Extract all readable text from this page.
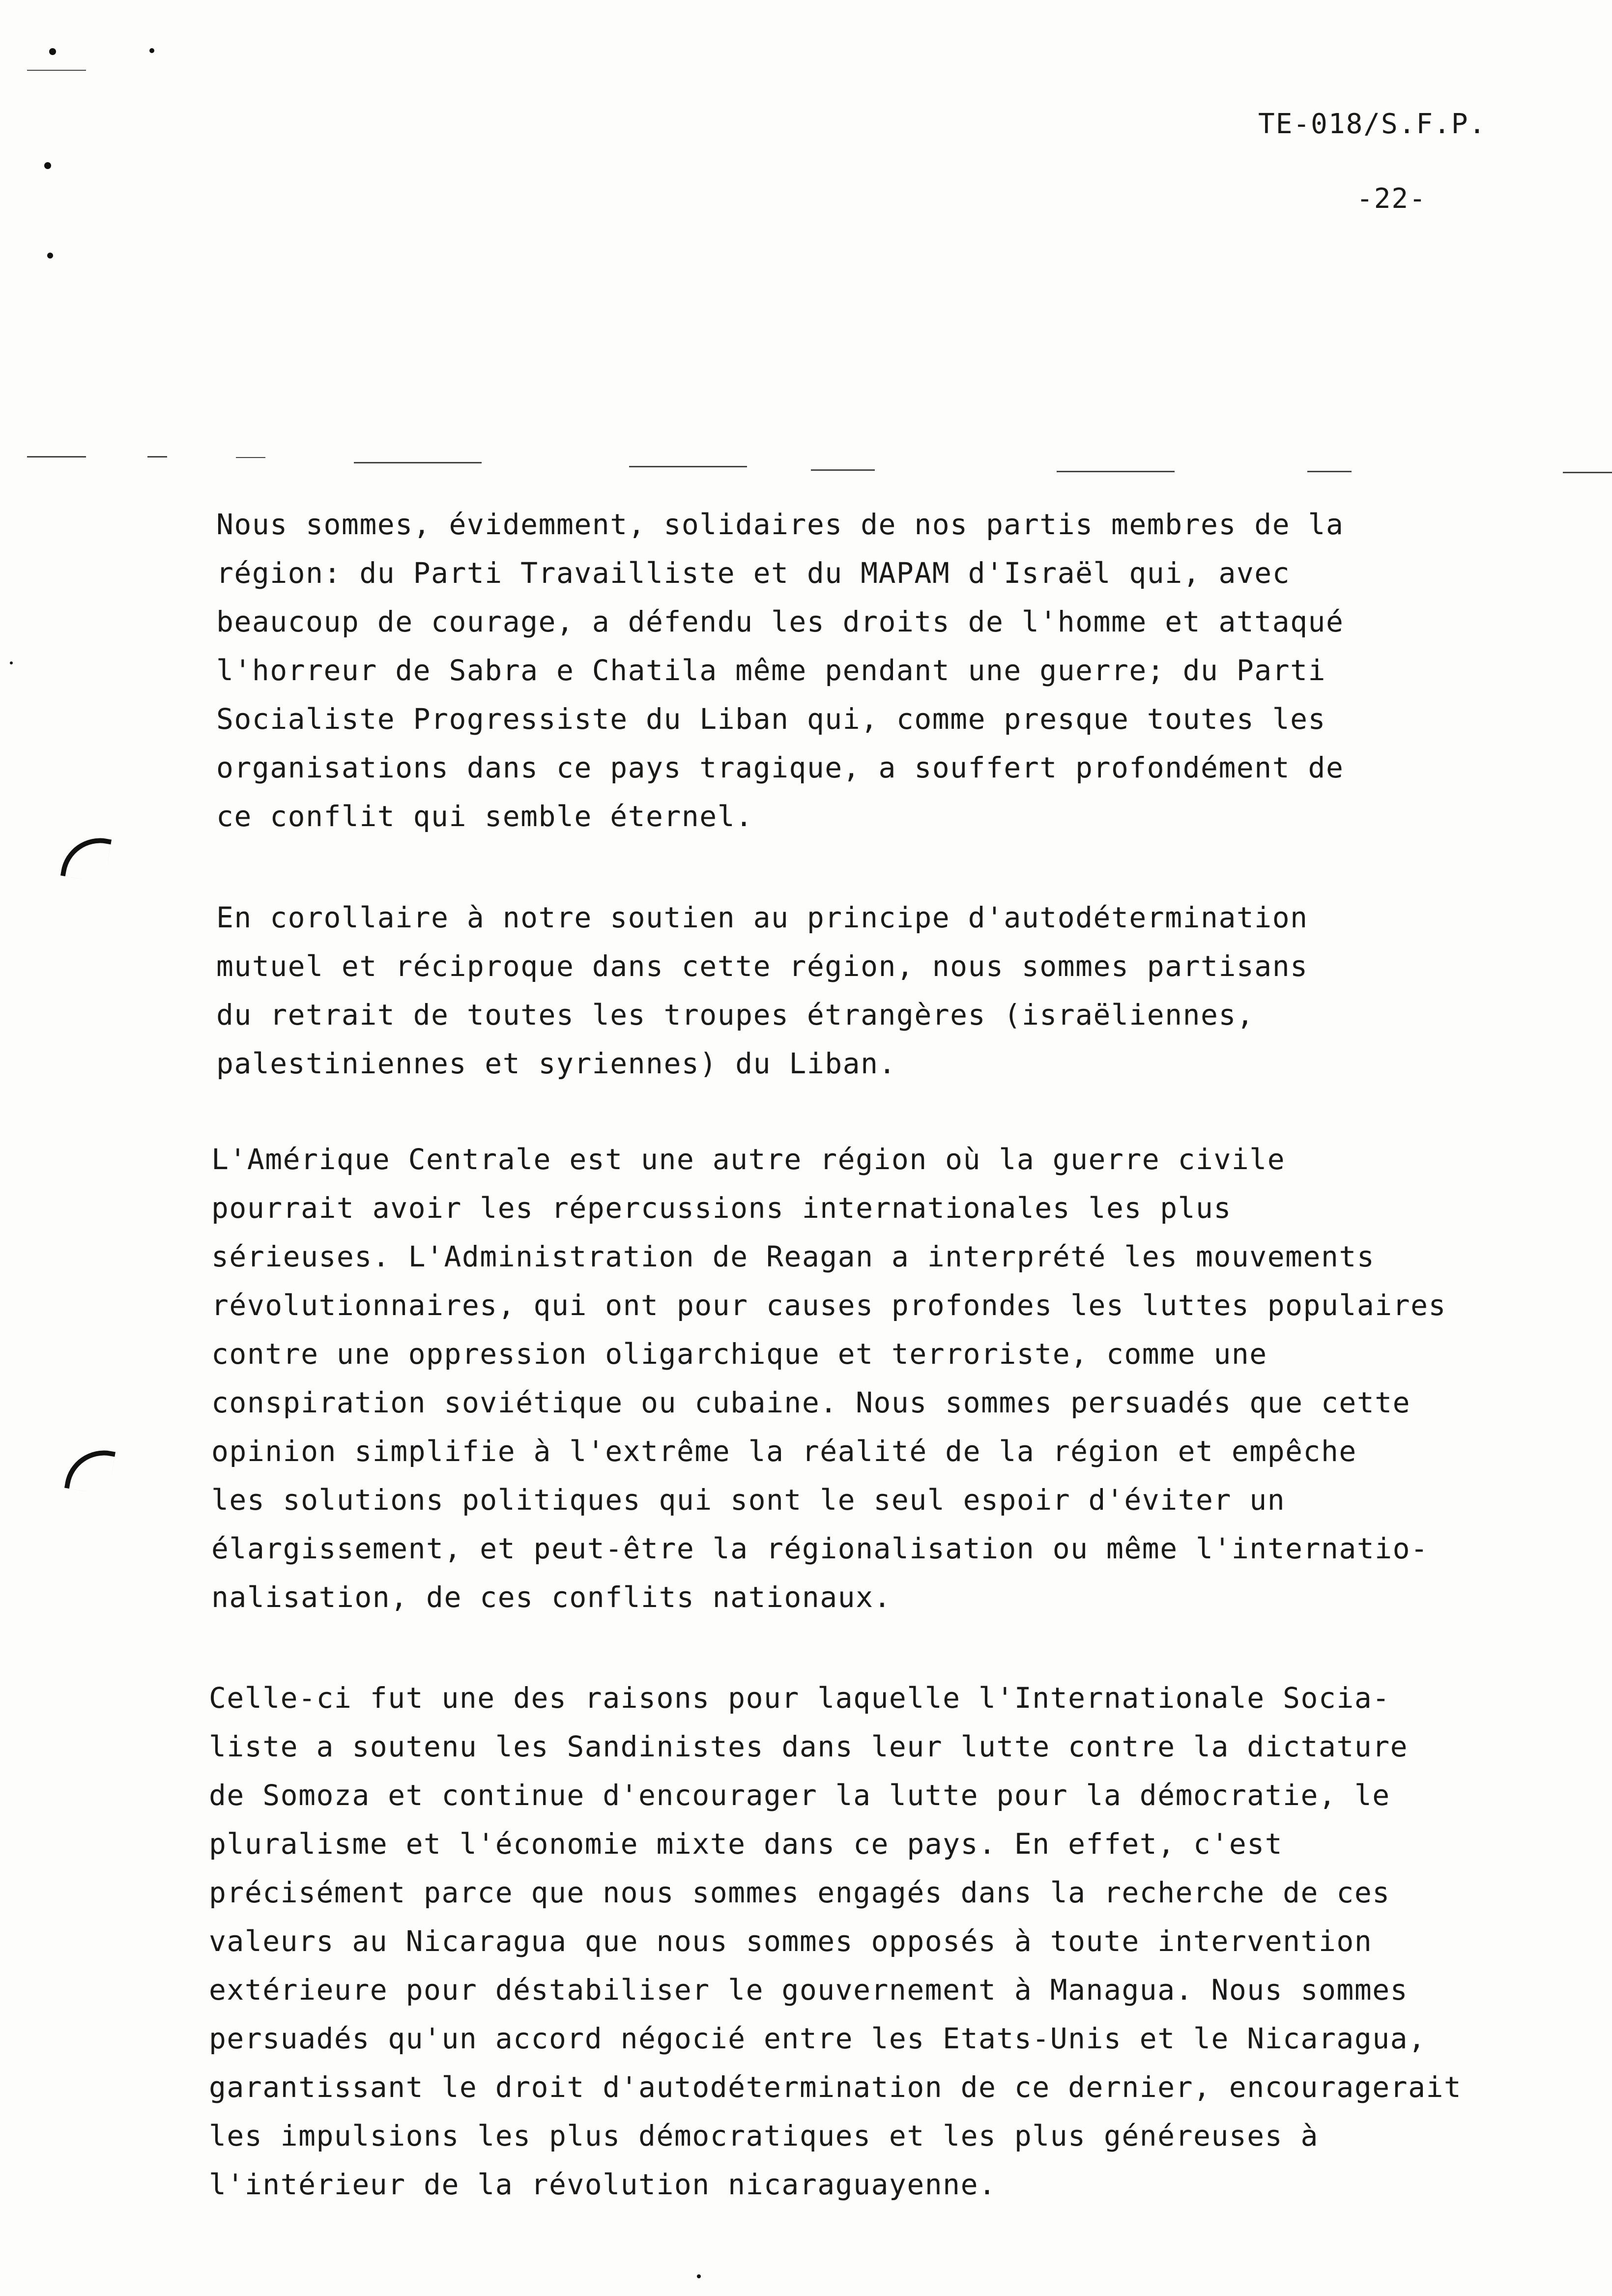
TE-018/S.F.P.
-22-
Nous sommes, évidemment, solidaires de nos partis membres de la
région: du Parti Travailliste et du MAPAM d'Israël qui, avec
beaucoup de courage, a défendu les droits de l'homme et attaqué
l'horreur de Sabra e Chatila même pendant une guerre; du Parti
Socialiste Progressiste du Liban qui, comme presque toutes les
organisations dans ce pays tragique, a souffert profondément de
ce conflit qui semble éternel.
En corollaire à notre soutien au principe d'autodétermination
mutuel et réciproque dans cette région, nous sommes partisans
du retrait de toutes les troupes étrangères (israëliennes,
palestiniennes et syriennes) du Liban.
L'Amérique Centrale est une autre région où la guerre civile
pourrait avoir les répercussions internationales les plus
sérieuses. L'Administration de Reagan a interprété les mouvements
révolutionnaires, qui ont pour causes profondes les luttes populaires
contre une oppression oligarchique et terroriste, comme une
conspiration soviétique ou cubaine. Nous sommes persuadés que cette
opinion simplifie à l'extrême la réalité de la région et empêche
les solutions politiques qui sont le seul espoir d'éviter un
élargissement, et peut-être la régionalisation ou même l'internatio-
nalisation, de ces conflits nationaux.
Celle-ci fut une des raisons pour laquelle l'Internationale Socia-
liste a soutenu les Sandinistes dans leur lutte contre la dictature
de Somoza et continue d'encourager la lutte pour la démocratie, le
pluralisme et l'économie mixte dans ce pays. En effet, c'est
précisément parce que nous sommes engagés dans la recherche de ces
valeurs au Nicaragua que nous sommes opposés à toute intervention
extérieure pour déstabiliser le gouvernement à Managua. Nous sommes
persuadés qu'un accord négocié entre les Etats-Unis et le Nicaragua,
garantissant le droit d'autodétermination de ce dernier, encouragerait
les impulsions les plus démocratiques et les plus généreuses à
l'intérieur de la révolution nicaraguayenne.
